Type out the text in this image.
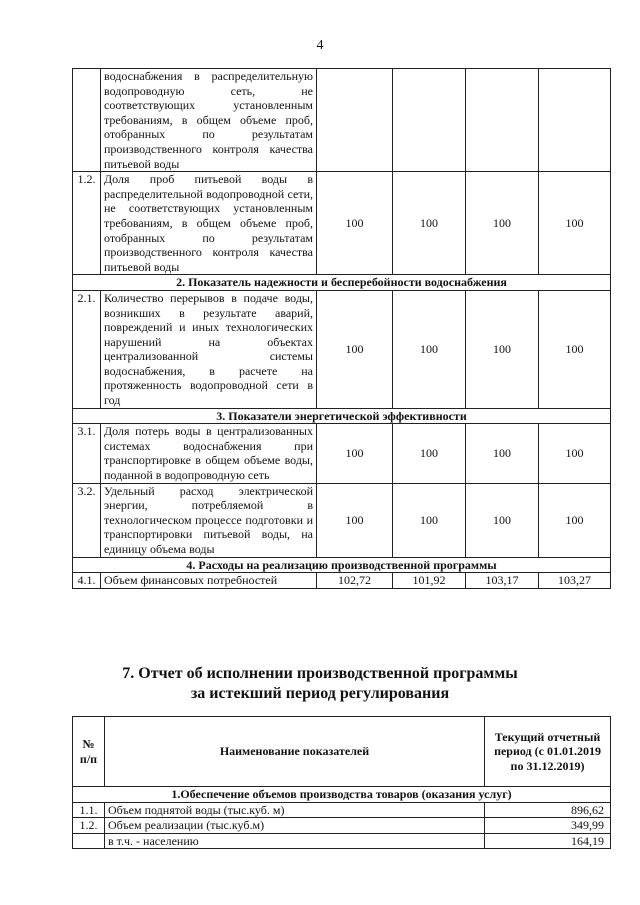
4
	водоснабжения в распределительную водопроводную сеть, не соответствующих установленным требованиям, в общем объеме проб, отобранных по результатам производственного контроля качества питьевой воды				
1.2.	Доля проб питьевой воды в распределительной водопроводной сети, не соответствующих установленным требованиям, в общем объеме проб, отобранных по результатам производственного контроля качества питьевой воды	100	100	100	100
2. Показатель надежности и бесперебойности водоснабжения					
2.1.	Количество перерывов в подаче воды, возникших в результате аварий, повреждений и иных технологических нарушений на объектах централизованной системы водоснабжения, в расчете на протяженность водопроводной сети в год	100	100	100	100
3. Показатели энергетической эффективности					
3.1.	Доля потерь воды в централизованных системах водоснабжения при транспортировке в общем объеме воды, поданной в водопроводную сеть	100	100	100	100
3.2.	Удельный расход электрической энергии, потребляемой в технологическом процессе подготовки и транспортировки питьевой воды, на единицу объема воды	100	100	100	100
4. Расходы на реализацию производственной программы					
4.1.	Объем финансовых потребностей	102,72	101,92	103,17	103,27
7. Отчет об исполнении производственной программы
за истекший период регулирования
№ п/п	Наименование показателей	Текущий отчетный период (с 01.01.2019 по 31.12.2019)
1.Обеспечение объемов производства товаров (оказания услуг)		
1.1.	Объем поднятой воды (тыс.куб. м)	896,62
1.2.	Объем реализации (тыс.куб.м)	349,99
	в т.ч. - населению	164,19
